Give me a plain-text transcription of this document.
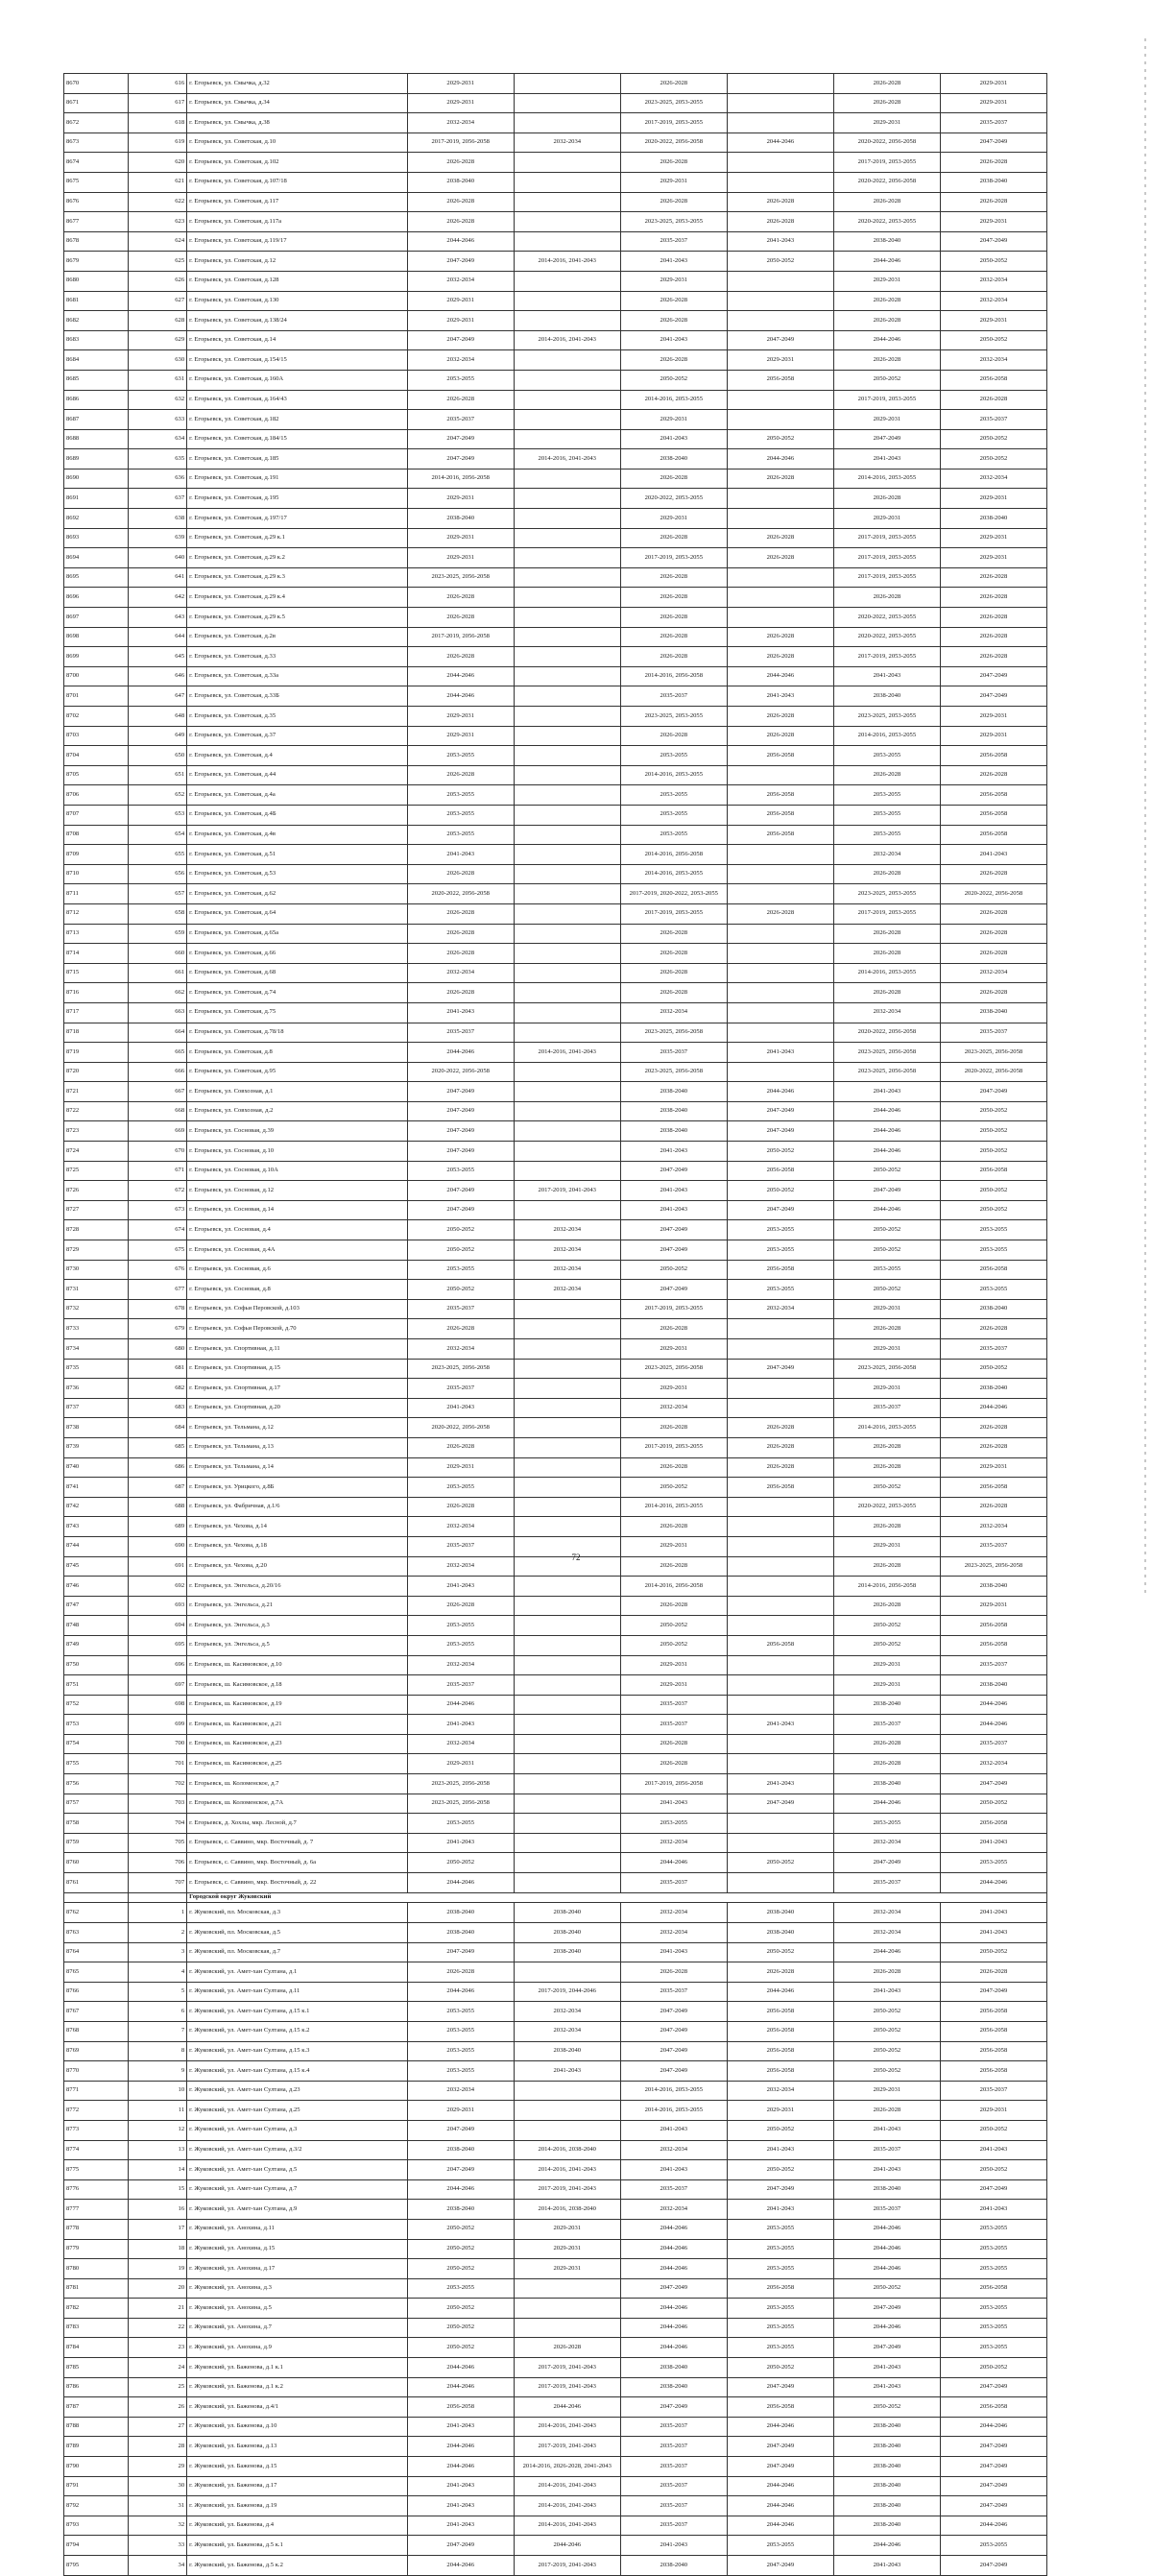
8670	616	г. Егорьевск, ул. Смычка, д.32	2029-2031		2026-2028		2026-2028	2029-2031
8671	617	г. Егорьевск, ул. Смычка, д.34	2029-2031		2023-2025, 2053-2055		2026-2028	2029-2031
8672	618	г. Егорьевск, ул. Смычка, д.38	2032-2034		2017-2019, 2053-2055		2029-2031	2035-2037
8673	619	г. Егорьевск, ул. Советская, д.10	2017-2019, 2056-2058	2032-2034	2020-2022, 2056-2058	2044-2046	2020-2022, 2056-2058	2047-2049
8674	620	г. Егорьевск, ул. Советская, д.102	2026-2028		2026-2028		2017-2019, 2053-2055	2026-2028
8675	621	г. Егорьевск, ул. Советская, д.107/18	2038-2040		2029-2031		2020-2022, 2056-2058	2038-2040
8676	622	г. Егорьевск, ул. Советская, д.117	2026-2028		2026-2028	2026-2028	2026-2028	2026-2028
8677	623	г. Егорьевск, ул. Советская, д.117а	2026-2028		2023-2025, 2053-2055	2026-2028	2020-2022, 2053-2055	2029-2031
8678	624	г. Егорьевск, ул. Советская, д.119/17	2044-2046		2035-2037	2041-2043	2038-2040	2047-2049
8679	625	г. Егорьевск, ул. Советская, д.12	2047-2049	2014-2016, 2041-2043	2041-2043	2050-2052	2044-2046	2050-2052
8680	626	г. Егорьевск, ул. Советская, д.128	2032-2034		2029-2031		2029-2031	2032-2034
8681	627	г. Егорьевск, ул. Советская, д.130	2029-2031		2026-2028		2026-2028	2032-2034
8682	628	г. Егорьевск, ул. Советская, д.138/24	2029-2031		2026-2028		2026-2028	2029-2031
8683	629	г. Егорьевск, ул. Советская, д.14	2047-2049	2014-2016, 2041-2043	2041-2043	2047-2049	2044-2046	2050-2052
8684	630	г. Егорьевск, ул. Советская, д.154/15	2032-2034		2026-2028	2029-2031	2026-2028	2032-2034
8685	631	г. Егорьевск, ул. Советская, д.160А	2053-2055		2050-2052	2056-2058	2050-2052	2056-2058
8686	632	г. Егорьевск, ул. Советская, д.164/43	2026-2028		2014-2016, 2053-2055		2017-2019, 2053-2055	2026-2028
8687	633	г. Егорьевск, ул. Советская, д.182	2035-2037		2029-2031		2029-2031	2035-2037
8688	634	г. Егорьевск, ул. Советская, д.184/15	2047-2049		2041-2043	2050-2052	2047-2049	2050-2052
8689	635	г. Егорьевск, ул. Советская, д.185	2047-2049	2014-2016, 2041-2043	2038-2040	2044-2046	2041-2043	2050-2052
8690	636	г. Егорьевск, ул. Советская, д.191	2014-2016, 2056-2058		2026-2028	2026-2028	2014-2016, 2053-2055	2032-2034
8691	637	г. Егорьевск, ул. Советская, д.195	2029-2031		2020-2022, 2053-2055		2026-2028	2029-2031
8692	638	г. Егорьевск, ул. Советская, д.197/17	2038-2040		2029-2031		2029-2031	2038-2040
8693	639	г. Егорьевск, ул. Советская, д.29 к.1	2029-2031		2026-2028	2026-2028	2017-2019, 2053-2055	2029-2031
8694	640	г. Егорьевск, ул. Советская, д.29 к.2	2029-2031		2017-2019, 2053-2055	2026-2028	2017-2019, 2053-2055	2029-2031
8695	641	г. Егорьевск, ул. Советская, д.29 к.3	2023-2025, 2056-2058		2026-2028		2017-2019, 2053-2055	2026-2028
8696	642	г. Егорьевск, ул. Советская, д.29 к.4	2026-2028		2026-2028		2026-2028	2026-2028
8697	643	г. Егорьевск, ул. Советская, д.29 к.5	2026-2028		2026-2028		2020-2022, 2053-2055	2026-2028
8698	644	г. Егорьевск, ул. Советская, д.2в	2017-2019, 2056-2058		2026-2028	2026-2028	2020-2022, 2053-2055	2026-2028
8699	645	г. Егорьевск, ул. Советская, д.33	2026-2028		2026-2028	2026-2028	2017-2019, 2053-2055	2026-2028
8700	646	г. Егорьевск, ул. Советская, д.33а	2044-2046		2014-2016, 2056-2058	2044-2046	2041-2043	2047-2049
8701	647	г. Егорьевск, ул. Советская, д.33Б	2044-2046		2035-2037	2041-2043	2038-2040	2047-2049
8702	648	г. Егорьевск, ул. Советская, д.35	2029-2031		2023-2025, 2053-2055	2026-2028	2023-2025, 2053-2055	2029-2031
8703	649	г. Егорьевск, ул. Советская, д.37	2029-2031		2026-2028	2026-2028	2014-2016, 2053-2055	2029-2031
8704	650	г. Егорьевск, ул. Советская, д.4	2053-2055		2053-2055	2056-2058	2053-2055	2056-2058
8705	651	г. Егорьевск, ул. Советская, д.44	2026-2028		2014-2016, 2053-2055		2026-2028	2026-2028
8706	652	г. Егорьевск, ул. Советская, д.4а	2053-2055		2053-2055	2056-2058	2053-2055	2056-2058
8707	653	г. Егорьевск, ул. Советская, д.4Б	2053-2055		2053-2055	2056-2058	2053-2055	2056-2058
8708	654	г. Егорьевск, ул. Советская, д.4в	2053-2055		2053-2055	2056-2058	2053-2055	2056-2058
8709	655	г. Егорьевск, ул. Советская, д.51	2041-2043		2014-2016, 2056-2058		2032-2034	2041-2043
8710	656	г. Егорьевск, ул. Советская, д.53	2026-2028		2014-2016, 2053-2055		2026-2028	2026-2028
8711	657	г. Егорьевск, ул. Советская, д.62	2020-2022, 2056-2058		2017-2019, 2020-2022, 2053-2055		2023-2025, 2053-2055	2020-2022, 2056-2058
8712	658	г. Егорьевск, ул. Советская, д.64	2026-2028		2017-2019, 2053-2055	2026-2028	2017-2019, 2053-2055	2026-2028
8713	659	г. Егорьевск, ул. Советская, д.65а	2026-2028		2026-2028		2026-2028	2026-2028
8714	660	г. Егорьевск, ул. Советская, д.66	2026-2028		2026-2028		2026-2028	2026-2028
8715	661	г. Егорьевск, ул. Советская, д.68	2032-2034		2026-2028		2014-2016, 2053-2055	2032-2034
8716	662	г. Егорьевск, ул. Советская, д.74	2026-2028		2026-2028		2026-2028	2026-2028
8717	663	г. Егорьевск, ул. Советская, д.75	2041-2043		2032-2034		2032-2034	2038-2040
8718	664	г. Егорьевск, ул. Советская, д.78/18	2035-2037		2023-2025, 2056-2058		2020-2022, 2056-2058	2035-2037
8719	665	г. Егорьевск, ул. Советская, д.8	2044-2046	2014-2016, 2041-2043	2035-2037	2041-2043	2023-2025, 2056-2058	2023-2025, 2056-2058
8720	666	г. Егорьевск, ул. Советская, д.95	2020-2022, 2056-2058		2023-2025, 2056-2058		2023-2025, 2056-2058	2020-2022, 2056-2058
8721	667	г. Егорьевск, ул. Совхозная, д.1	2047-2049		2038-2040	2044-2046	2041-2043	2047-2049
8722	668	г. Егорьевск, ул. Совхозная, д.2	2047-2049		2038-2040	2047-2049	2044-2046	2050-2052
8723	669	г. Егорьевск, ул. Сосновая, д.39	2047-2049		2038-2040	2047-2049	2044-2046	2050-2052
8724	670	г. Егорьевск, ул. Сосновая, д.10	2047-2049		2041-2043	2050-2052	2044-2046	2050-2052
8725	671	г. Егорьевск, ул. Сосновая, д.10А	2053-2055		2047-2049	2056-2058	2050-2052	2056-2058
8726	672	г. Егорьевск, ул. Сосновая, д.12	2047-2049	2017-2019, 2041-2043	2041-2043	2050-2052	2047-2049	2050-2052
8727	673	г. Егорьевск, ул. Сосновая, д.14	2047-2049		2041-2043	2047-2049	2044-2046	2050-2052
8728	674	г. Егорьевск, ул. Сосновая, д.4	2050-2052	2032-2034	2047-2049	2053-2055	2050-2052	2053-2055
8729	675	г. Егорьевск, ул. Сосновая, д.4А	2050-2052	2032-2034	2047-2049	2053-2055	2050-2052	2053-2055
8730	676	г. Егорьевск, ул. Сосновая, д.6	2053-2055	2032-2034	2050-2052	2056-2058	2053-2055	2056-2058
8731	677	г. Егорьевск, ул. Сосновая, д.8	2050-2052	2032-2034	2047-2049	2053-2055	2050-2052	2053-2055
8732	678	г. Егорьевск, ул. Софьи Перовской, д.103	2035-2037		2017-2019, 2053-2055	2032-2034	2029-2031	2038-2040
8733	679	г. Егорьевск, ул. Софьи Перовской, д.70	2026-2028		2026-2028		2026-2028	2026-2028
8734	680	г. Егорьевск, ул. Спортивная, д.11	2032-2034		2029-2031		2029-2031	2035-2037
8735	681	г. Егорьевск, ул. Спортивная, д.15	2023-2025, 2056-2058		2023-2025, 2056-2058	2047-2049	2023-2025, 2056-2058	2050-2052
8736	682	г. Егорьевск, ул. Спортивная, д.17	2035-2037		2029-2031		2029-2031	2038-2040
8737	683	г. Егорьевск, ул. Спортивная, д.20	2041-2043		2032-2034		2035-2037	2044-2046
8738	684	г. Егорьевск, ул. Тельмана, д.12	2020-2022, 2056-2058		2026-2028	2026-2028	2014-2016, 2053-2055	2026-2028
8739	685	г. Егорьевск, ул. Тельмана, д.13	2026-2028		2017-2019, 2053-2055	2026-2028	2026-2028	2026-2028
8740	686	г. Егорьевск, ул. Тельмана, д.14	2029-2031		2026-2028	2026-2028	2026-2028	2029-2031
8741	687	г. Егорьевск, ул. Урицкого, д.8Б	2053-2055		2050-2052	2056-2058	2050-2052	2056-2058
8742	688	г. Егорьевск, ул. Фабричная, д.1/6	2026-2028		2014-2016, 2053-2055		2020-2022, 2053-2055	2026-2028
8743	689	г. Егорьевск, ул. Чехова, д.14	2032-2034		2026-2028		2026-2028	2032-2034
8744	690	г. Егорьевск, ул. Чехова, д.18	2035-2037		2029-2031		2029-2031	2035-2037
8745	691	г. Егорьевск, ул. Чехова, д.20	2032-2034		2026-2028		2026-2028	2023-2025, 2056-2058
8746	692	г. Егорьевск, ул. Энгельса, д.20/16	2041-2043		2014-2016, 2056-2058		2014-2016, 2056-2058	2038-2040
8747	693	г. Егорьевск, ул. Энгельса, д.21	2026-2028		2026-2028		2026-2028	2029-2031
8748	694	г. Егорьевск, ул. Энгельса, д.3	2053-2055		2050-2052		2050-2052	2056-2058
8749	695	г. Егорьевск, ул. Энгельса, д.5	2053-2055		2050-2052	2056-2058	2050-2052	2056-2058
8750	696	г. Егорьевск, ш. Касимовское, д.10	2032-2034		2029-2031		2029-2031	2035-2037
8751	697	г. Егорьевск, ш. Касимовское, д.18	2035-2037		2029-2031		2029-2031	2038-2040
8752	698	г. Егорьевск, ш. Касимовское, д.19	2044-2046		2035-2037		2038-2040	2044-2046
8753	699	г. Егорьевск, ш. Касимовское, д.21	2041-2043		2035-2037	2041-2043	2035-2037	2044-2046
8754	700	г. Егорьевск, ш. Касимовское, д.23	2032-2034		2026-2028		2026-2028	2035-2037
8755	701	г. Егорьевск, ш. Касимовское, д.25	2029-2031		2026-2028		2026-2028	2032-2034
8756	702	г. Егорьевск, ш. Коломенское, д.7	2023-2025, 2056-2058		2017-2019, 2056-2058	2041-2043	2038-2040	2047-2049
8757	703	г. Егорьевск, ш. Коломенское, д.7А	2023-2025, 2056-2058		2041-2043	2047-2049	2044-2046	2050-2052
8758	704	г. Егорьевск, д. Хохлы, мкр. Лесной, д.7	2053-2055		2053-2055		2053-2055	2056-2058
8759	705	г. Егорьевск, с. Саввино, мкр. Восточный, д. 7	2041-2043		2032-2034		2032-2034	2041-2043
8760	706	г. Егорьевск, с. Саввино, мкр. Восточный, д. 6а	2050-2052		2044-2046	2050-2052	2047-2049	2053-2055
8761	707	г. Егорьевск, с. Саввино, мкр. Восточный, д. 22	2044-2046		2035-2037		2035-2037	2044-2046
		Городской округ Жуковский						
8762	1	г. Жуковский, пл. Московская, д.3	2038-2040	2038-2040	2032-2034	2038-2040	2032-2034	2041-2043
8763	2	г. Жуковский, пл. Московская, д.5	2038-2040	2038-2040	2032-2034	2038-2040	2032-2034	2041-2043
8764	3	г. Жуковский, пл. Московская, д.7	2047-2049	2038-2040	2041-2043	2050-2052	2044-2046	2050-2052
8765	4	г. Жуковский, ул. Амет-хан Султана, д.1	2026-2028		2026-2028	2026-2028	2026-2028	2026-2028
8766	5	г. Жуковский, ул. Амет-хан Султана, д.11	2044-2046	2017-2019, 2044-2046	2035-2037	2044-2046	2041-2043	2047-2049
8767	6	г. Жуковский, ул. Амет-хан Султана, д.15 к.1	2053-2055	2032-2034	2047-2049	2056-2058	2050-2052	2056-2058
8768	7	г. Жуковский, ул. Амет-хан Султана, д.15 к.2	2053-2055	2032-2034	2047-2049	2056-2058	2050-2052	2056-2058
8769	8	г. Жуковский, ул. Амет-хан Султана, д.15 к.3	2053-2055	2038-2040	2047-2049	2056-2058	2050-2052	2056-2058
8770	9	г. Жуковский, ул. Амет-хан Султана, д.15 к.4	2053-2055	2041-2043	2047-2049	2056-2058	2050-2052	2056-2058
8771	10	г. Жуковский, ул. Амет-хан Султана, д.23	2032-2034		2014-2016, 2053-2055	2032-2034	2029-2031	2035-2037
8772	11	г. Жуковский, ул. Амет-хан Султана, д.25	2029-2031		2014-2016, 2053-2055	2029-2031	2026-2028	2029-2031
8773	12	г. Жуковский, ул. Амет-хан Султана, д.3	2047-2049		2041-2043	2050-2052	2041-2043	2050-2052
8774	13	г. Жуковский, ул. Амет-хан Султана, д.3/2	2038-2040	2014-2016, 2038-2040	2032-2034	2041-2043	2035-2037	2041-2043
8775	14	г. Жуковский, ул. Амет-хан Султана, д.5	2047-2049	2014-2016, 2041-2043	2041-2043	2050-2052	2041-2043	2050-2052
8776	15	г. Жуковский, ул. Амет-хан Султана, д.7	2044-2046	2017-2019, 2041-2043	2035-2037	2047-2049	2038-2040	2047-2049
8777	16	г. Жуковский, ул. Амет-хан Султана, д.9	2038-2040	2014-2016, 2038-2040	2032-2034	2041-2043	2035-2037	2041-2043
8778	17	г. Жуковский, ул. Анохина, д.11	2050-2052	2029-2031	2044-2046	2053-2055	2044-2046	2053-2055
8779	18	г. Жуковский, ул. Анохина, д.15	2050-2052	2029-2031	2044-2046	2053-2055	2044-2046	2053-2055
8780	19	г. Жуковский, ул. Анохина, д.17	2050-2052	2029-2031	2044-2046	2053-2055	2044-2046	2053-2055
8781	20	г. Жуковский, ул. Анохина, д.3	2053-2055		2047-2049	2056-2058	2050-2052	2056-2058
8782	21	г. Жуковский, ул. Анохина, д.5	2050-2052		2044-2046	2053-2055	2047-2049	2053-2055
8783	22	г. Жуковский, ул. Анохина, д.7	2050-2052		2044-2046	2053-2055	2044-2046	2053-2055
8784	23	г. Жуковский, ул. Анохина, д.9	2050-2052	2026-2028	2044-2046	2053-2055	2047-2049	2053-2055
8785	24	г. Жуковский, ул. Баженова, д.1 к.1	2044-2046	2017-2019, 2041-2043	2038-2040	2050-2052	2041-2043	2050-2052
8786	25	г. Жуковский, ул. Баженова, д.1 к.2	2044-2046	2017-2019, 2041-2043	2038-2040	2047-2049	2041-2043	2047-2049
8787	26	г. Жуковский, ул. Баженова, д.4/1	2056-2058	2044-2046	2047-2049	2056-2058	2050-2052	2056-2058
8788	27	г. Жуковский, ул. Баженова, д.10	2041-2043	2014-2016, 2041-2043	2035-2037	2044-2046	2038-2040	2044-2046
8789	28	г. Жуковский, ул. Баженова, д.13	2044-2046	2017-2019, 2041-2043	2035-2037	2047-2049	2038-2040	2047-2049
8790	29	г. Жуковский, ул. Баженова, д.15	2044-2046	2014-2016, 2026-2028, 2041-2043	2035-2037	2047-2049	2038-2040	2047-2049
8791	30	г. Жуковский, ул. Баженова, д.17	2041-2043	2014-2016, 2041-2043	2035-2037	2044-2046	2038-2040	2047-2049
8792	31	г. Жуковский, ул. Баженова, д.19	2041-2043	2014-2016, 2041-2043	2035-2037	2044-2046	2038-2040	2047-2049
8793	32	г. Жуковский, ул. Баженова, д.4	2041-2043	2014-2016, 2041-2043	2035-2037	2044-2046	2038-2040	2044-2046
8794	33	г. Жуковский, ул. Баженова, д.5 к.1	2047-2049	2044-2046	2041-2043	2053-2055	2044-2046	2053-2055
8795	34	г. Жуковский, ул. Баженова, д.5 к.2	2044-2046	2017-2019, 2041-2043	2038-2040	2047-2049	2041-2043	2047-2049
72
